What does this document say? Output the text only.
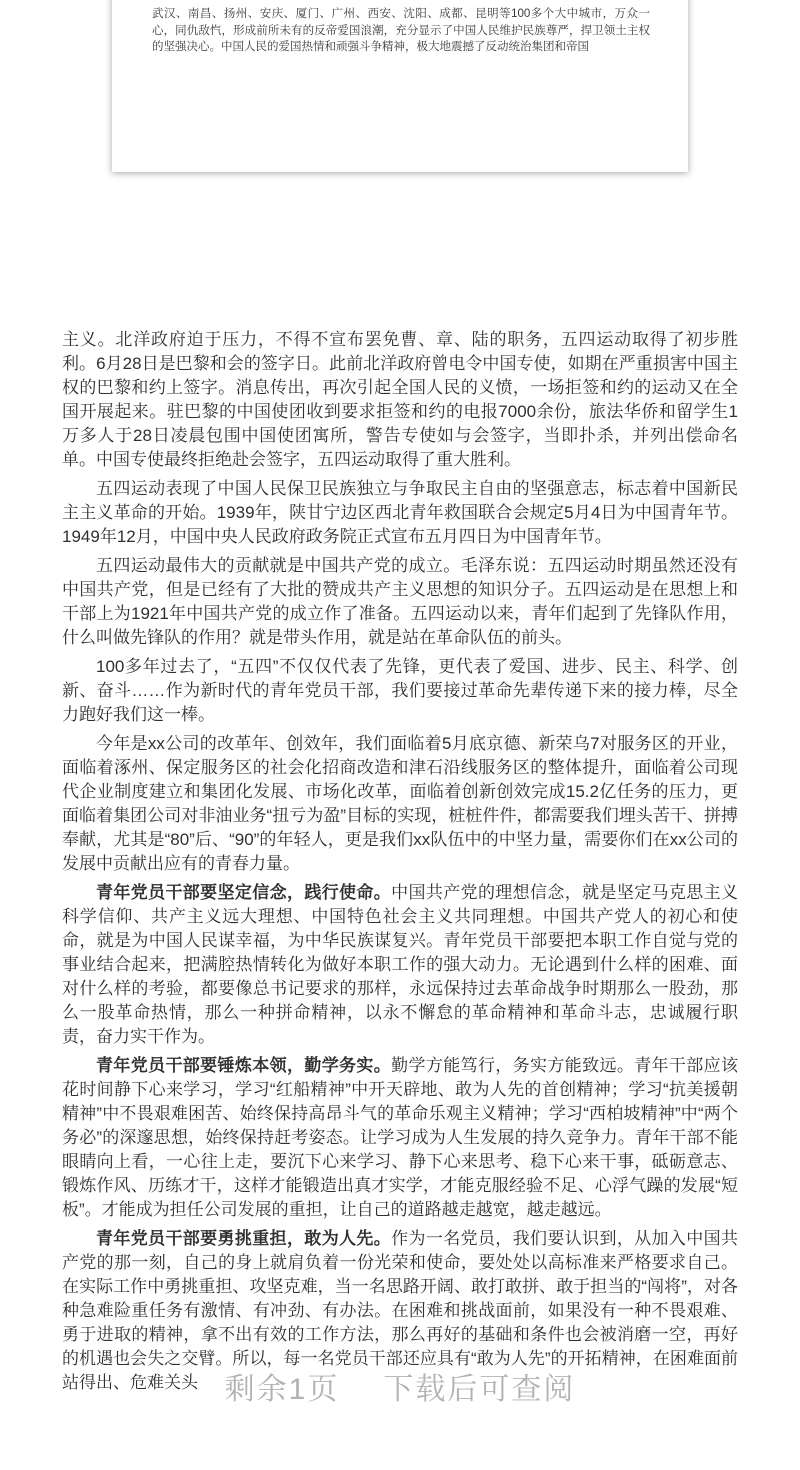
武汉、南昌、扬州、安庆、厦门、广州、西安、沈阳、成都、昆明等100多个大中城市，万众一心，同仇敌忾，形成前所未有的反帝爱国浪潮，充分显示了中国人民维护民族尊严，捍卫领土主权的坚强决心。中国人民的爱国热情和顽强斗争精神，极大地震撼了反动统治集团和帝国

主义。北洋政府迫于压力，不得不宣布罢免曹、章、陆的职务，五四运动取得了初步胜利。6月28日是巴黎和会的签字日。此前北洋政府曾电令中国专使，如期在严重损害中国主权的巴黎和约上签字。消息传出，再次引起全国人民的义愤，一场拒签和约的运动又在全国开展起来。驻巴黎的中国使团收到要求拒签和约的电报7000余份，旅法华侨和留学生1万多人于28日凌晨包围中国使团寓所，警告专使如与会签字，当即扑杀，并列出偿命名单。中国专使最终拒绝赴会签字，五四运动取得了重大胜利。

五四运动表现了中国人民保卫民族独立与争取民主自由的坚强意志，标志着中国新民主主义革命的开始。1939年，陕甘宁边区西北青年救国联合会规定5月4日为中国青年节。1949年12月，中国中央人民政府政务院正式宣布五月四日为中国青年节。

五四运动最伟大的贡献就是中国共产党的成立。毛泽东说：五四运动时期虽然还没有中国共产党，但是已经有了大批的赞成共产主义思想的知识分子。五四运动是在思想上和干部上为1921年中国共产党的成立作了准备。五四运动以来，青年们起到了先锋队作用，什么叫做先锋队的作用？就是带头作用，就是站在革命队伍的前头。

100多年过去了，“五四”不仅仅代表了先锋，更代表了爱国、进步、民主、科学、创新、奋斗……作为新时代的青年党员干部，我们要接过革命先辈传递下来的接力棒，尽全力跑好我们这一棒。

今年是xx公司的改革年、创效年，我们面临着5月底京德、新荣乌7对服务区的开业，面临着涿州、保定服务区的社会化招商改造和津石沿线服务区的整体提升，面临着公司现代企业制度建立和集团化发展、市场化改革，面临着创新创效完成15.2亿任务的压力，更面临着集团公司对非油业务“扭亏为盈”目标的实现，桩桩件件，都需要我们埋头苦干、拼搏奉献，尤其是“80”后、“90”的年轻人，更是我们xx队伍中的中坚力量，需要你们在xx公司的发展中贡献出应有的青春力量。

青年党员干部要坚定信念，践行使命。中国共产党的理想信念，就是坚定马克思主义科学信仰、共产主义远大理想、中国特色社会主义共同理想。中国共产党人的初心和使命，就是为中国人民谋幸福，为中华民族谋复兴。青年党员干部要把本职工作自觉与党的事业结合起来，把满腔热情转化为做好本职工作的强大动力。无论遇到什么样的困难、面对什么样的考验，都要像总书记要求的那样，永远保持过去革命战争时期那么一股劲，那么一股革命热情，那么一种拼命精神，以永不懈怠的革命精神和革命斗志，忠诚履行职责，奋力实干作为。

青年党员干部要锤炼本领，勤学务实。勤学方能笃行，务实方能致远。青年干部应该花时间静下心来学习，学习“红船精神”中开天辟地、敢为人先的首创精神；学习“抗美援朝精神”中不畏艰难困苦、始终保持高昂斗气的革命乐观主义精神；学习“西柏坡精神”中“两个务必”的深邃思想，始终保持赶考姿态。让学习成为人生发展的持久竞争力。青年干部不能眼睛向上看，一心往上走，要沉下心来学习、静下心来思考、稳下心来干事，砥砺意志、锻炼作风、历练才干，这样才能锻造出真才实学，才能克服经验不足、心浮气躁的发展“短板”。才能成为担任公司发展的重担，让自己的道路越走越宽，越走越远。

青年党员干部要勇挑重担，敢为人先。作为一名党员，我们要认识到，从加入中国共产党的那一刻，自己的身上就肩负着一份光荣和使命，要处处以高标准来严格要求自己。在实际工作中勇挑重担、攻坚克难，当一名思路开阔、敢打敢拼、敢于担当的“闯将”，对各种急难险重任务有激情、有冲劲、有办法。在困难和挑战面前，如果没有一种不畏艰难、勇于进取的精神，拿不出有效的工作方法，那么再好的基础和条件也会被消磨一空，再好的机遇也会失之交臂。所以，每一名党员干部还应具有“敢为人先”的开拓精神，在困难面前站得出、危难关头 剩余1页 下载后可查阅
